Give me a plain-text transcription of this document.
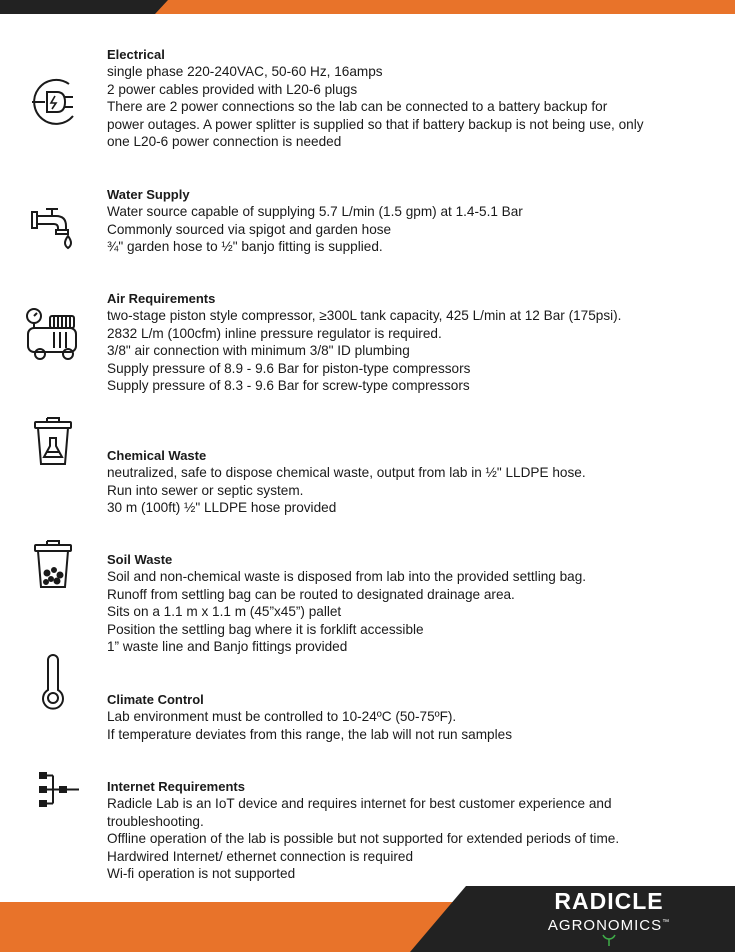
Electrical
single phase 220-240VAC, 50-60 Hz, 16amps
2 power cables provided with L20-6 plugs
There are 2 power connections so the lab can be connected to a battery backup for
power outages. A power splitter is supplied so that if battery backup is not being use, only
one L20-6 power connection is needed
Water Supply
Water source capable of supplying 5.7 L/min (1.5 gpm) at 1.4-5.1 Bar
Commonly sourced via spigot and garden hose
¾" garden hose to ½" banjo fitting is supplied.
Air Requirements
two-stage piston style compressor, ≥300L tank capacity, 425 L/min at 12 Bar (175psi).
2832 L/m (100cfm) inline pressure regulator is required.
3/8" air connection with minimum 3/8" ID plumbing
Supply pressure of 8.9 - 9.6 Bar for piston-type compressors
Supply pressure of 8.3 - 9.6 Bar for screw-type compressors
Chemical Waste
neutralized, safe to dispose chemical waste, output from lab in ½" LLDPE hose.
Run into sewer or septic system.
30 m (100ft) ½" LLDPE hose provided
Soil Waste
Soil and non-chemical waste is disposed from lab into the provided settling bag.
Runoff from settling bag can be routed to designated drainage area.
Sits on a 1.1 m x 1.1 m (45”x45”) pallet
Position the settling bag where it is forklift accessible
1” waste line and Banjo fittings provided
Climate Control
Lab environment must be controlled to 10-24ºC (50-75ºF).
If temperature deviates from this range, the lab will not run samples
Internet Requirements
Radicle Lab is an IoT device and requires internet for best customer experience and
troubleshooting.
Offline operation of the lab is possible but not supported for extended periods of time.
Hardwired Internet/ ethernet connection is required
Wi-fi operation is not supported
RADICLE
AGRONOMICS™
